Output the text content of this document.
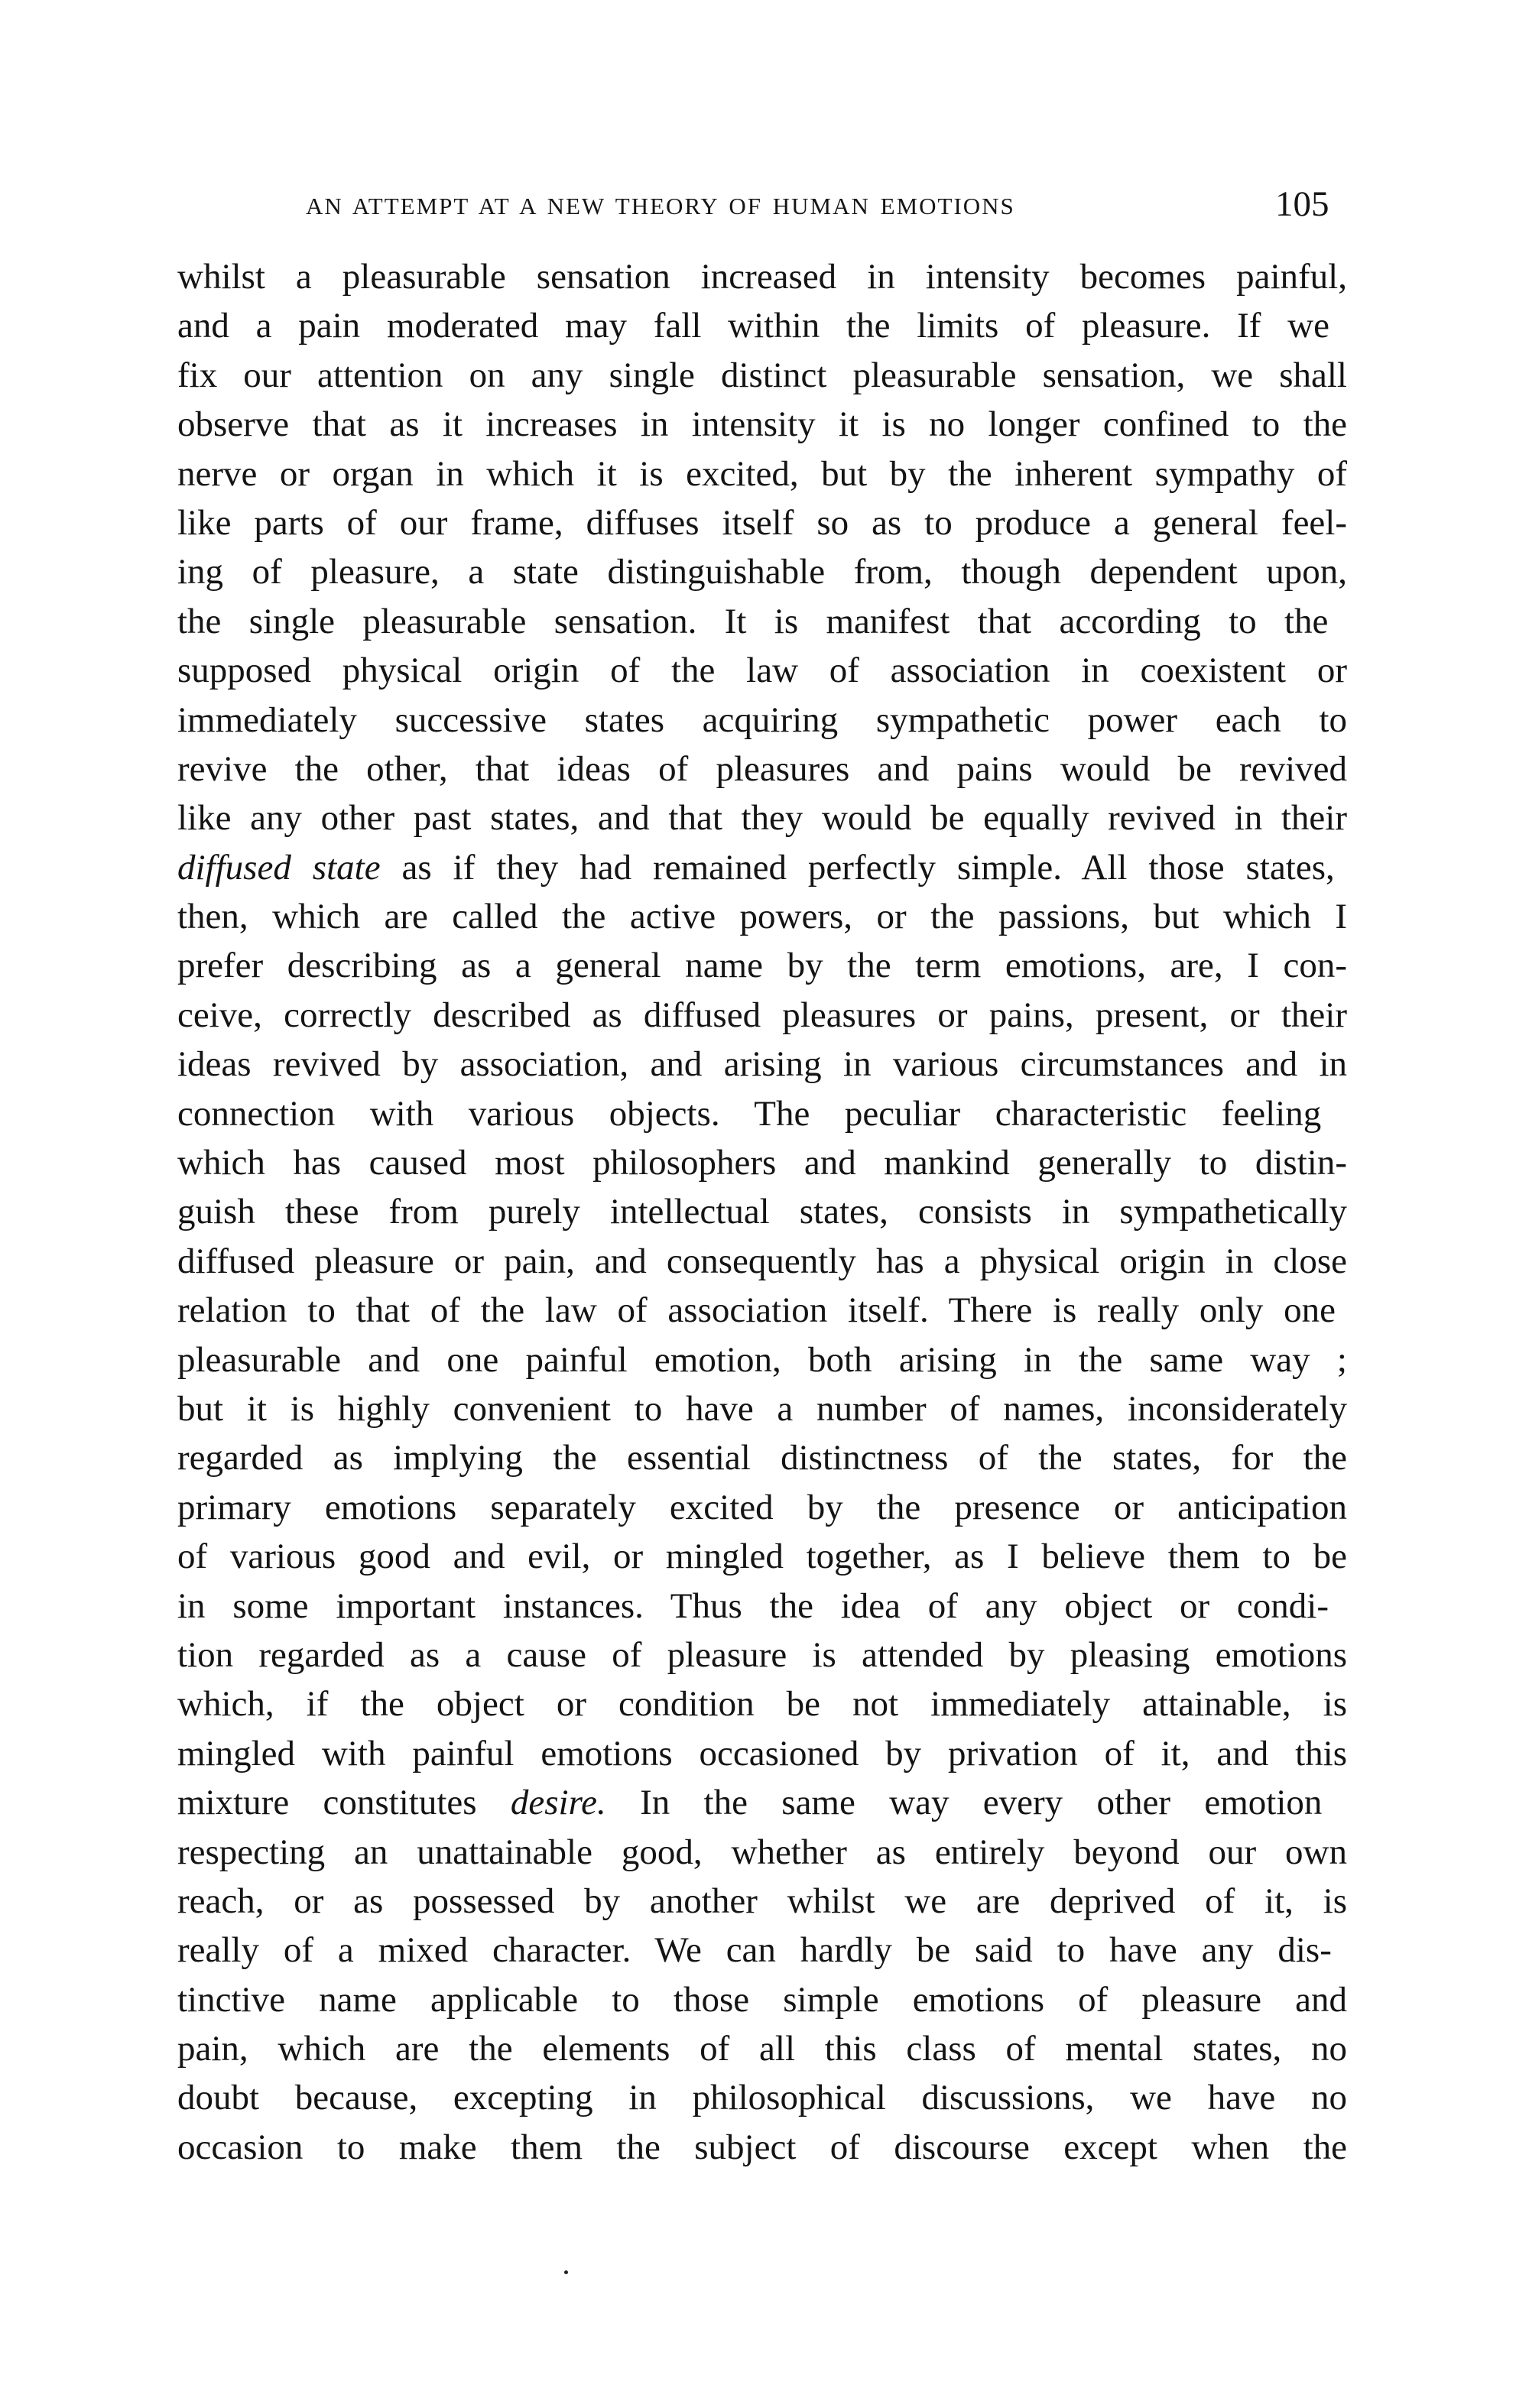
AN ATTEMPT AT A NEW THEORY OF HUMAN EMOTIONS	105
whilst a pleasurable sensation increased in intensity becomes painful,
and a pain moderated may fall within the limits of pleasure. If we
fix our attention on any single distinct pleasurable sensation, we shall
observe that as it increases in intensity it is no longer confined to the
nerve or organ in which it is excited, but by the inherent sympathy of
like parts of our frame, diffuses itself so as to produce a general feel-
ing of pleasure, a state distinguishable from, though dependent upon,
the single pleasurable sensation. It is manifest that according to the
supposed physical origin of the law of association in coexistent or
immediately successive states acquiring sympathetic power each to
revive the other, that ideas of pleasures and pains would be revived
like any other past states, and that they would be equally revived in their
diffused state as if they had remained perfectly simple. All those states,
then, which are called the active powers, or the passions, but which I
prefer describing as a general name by the term emotions, are, I con-
ceive, correctly described as diffused pleasures or pains, present, or their
ideas revived by association, and arising in various circumstances and in
connection with various objects. The peculiar characteristic feeling
which has caused most philosophers and mankind generally to distin-
guish these from purely intellectual states, consists in sympathetically
diffused pleasure or pain, and consequently has a physical origin in close
relation to that of the law of association itself. There is really only one
pleasurable and one painful emotion, both arising in the same way ;
but it is highly convenient to have a number of names, inconsiderately
regarded as implying the essential distinctness of the states, for the
primary emotions separately excited by the presence or anticipation
of various good and evil, or mingled together, as I believe them to be
in some important instances. Thus the idea of any object or condi-
tion regarded as a cause of pleasure is attended by pleasing emotions
which, if the object or condition be not immediately attainable, is
mingled with painful emotions occasioned by privation of it, and this
mixture constitutes desire. In the same way every other emotion
respecting an unattainable good, whether as entirely beyond our own
reach, or as possessed by another whilst we are deprived of it, is
really of a mixed character. We can hardly be said to have any dis-
tinctive name applicable to those simple emotions of pleasure and
pain, which are the elements of all this class of mental states, no
doubt because, excepting in philosophical discussions, we have no
occasion to make them the subject of discourse except when the
